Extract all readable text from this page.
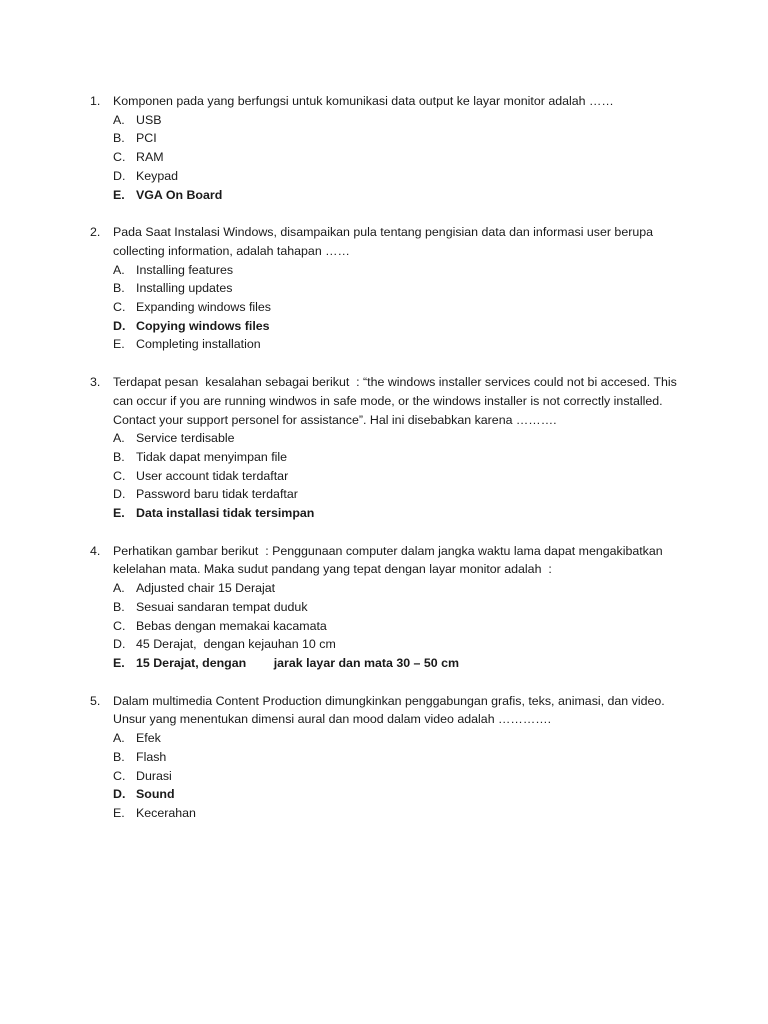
1.	Komponen pada yang berfungsi untuk komunikasi data output ke layar monitor adalah ……
A. USB
B. PCI
C. RAM
D. Keypad
E. VGA On Board
2.	Pada Saat Instalasi Windows, disampaikan pula tentang pengisian data dan informasi user berupa collecting information, adalah tahapan ……
A. Installing features
B. Installing updates
C. Expanding windows files
D. Copying windows files
E. Completing installation
3.	Terdapat pesan  kesalahan sebagai berikut  : “the windows installer services could not bi accesed. This can occur if you are running windwos in safe mode, or the windows installer is not correctly installed. Contact your support personel for assistance”. Hal ini disebabkan karena ……….
A. Service terdisable
B. Tidak dapat menyimpan file
C. User account tidak terdaftar
D. Password baru tidak terdaftar
E. Data installasi tidak tersimpan
4.	Perhatikan gambar berikut  : Penggunaan computer dalam jangka waktu lama dapat mengakibatkan kelelahan mata. Maka sudut pandang yang tepat dengan layar monitor adalah  :
A. Adjusted chair 15 Derajat
B. Sesuai sandaran tempat duduk
C. Bebas dengan memakai kacamata
D. 45 Derajat,  dengan kejauhan 10 cm
E. 15 Derajat, dengan        jarak layar dan mata 30 – 50 cm
5.	Dalam multimedia Content Production dimungkinkan penggabungan grafis, teks, animasi, dan video. Unsur yang menentukan dimensi aural dan mood dalam video adalah ………….
A. Efek
B. Flash
C. Durasi
D. Sound
E. Kecerahan
